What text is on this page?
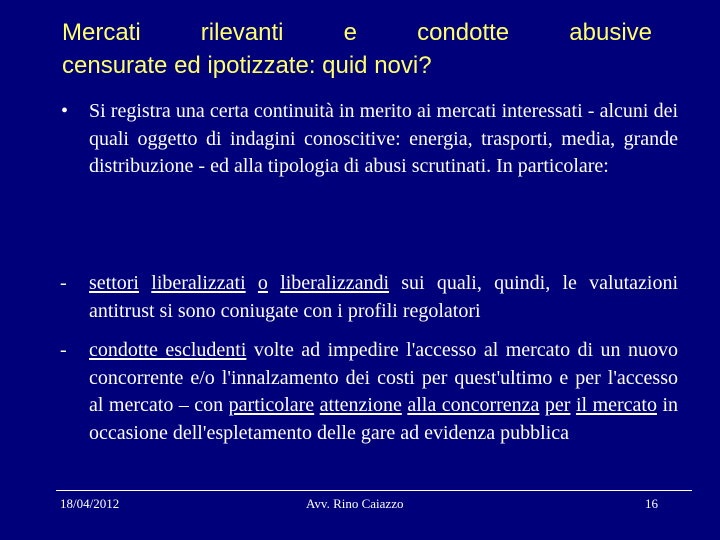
Mercati rilevanti e condotte abusive
censurate ed ipotizzate: quid novi?
•	Si registra una certa continuità in merito ai mercati interessati - alcuni dei quali oggetto di indagini conoscitive: energia, trasporti, media, grande distribuzione - ed alla tipologia di abusi scrutinati. In particolare:
-	settori liberalizzati o liberalizzandi sui quali, quindi, le valutazioni antitrust si sono coniugate con i profili regolatori
-	condotte escludenti volte ad impedire l'accesso al mercato di un nuovo concorrente e/o l'innalzamento dei costi per quest'ultimo e per l'accesso al mercato – con particolare attenzione alla concorrenza per il mercato in occasione dell'espletamento delle gare ad evidenza pubblica
18/04/2012	Avv. Rino Caiazzo	16
